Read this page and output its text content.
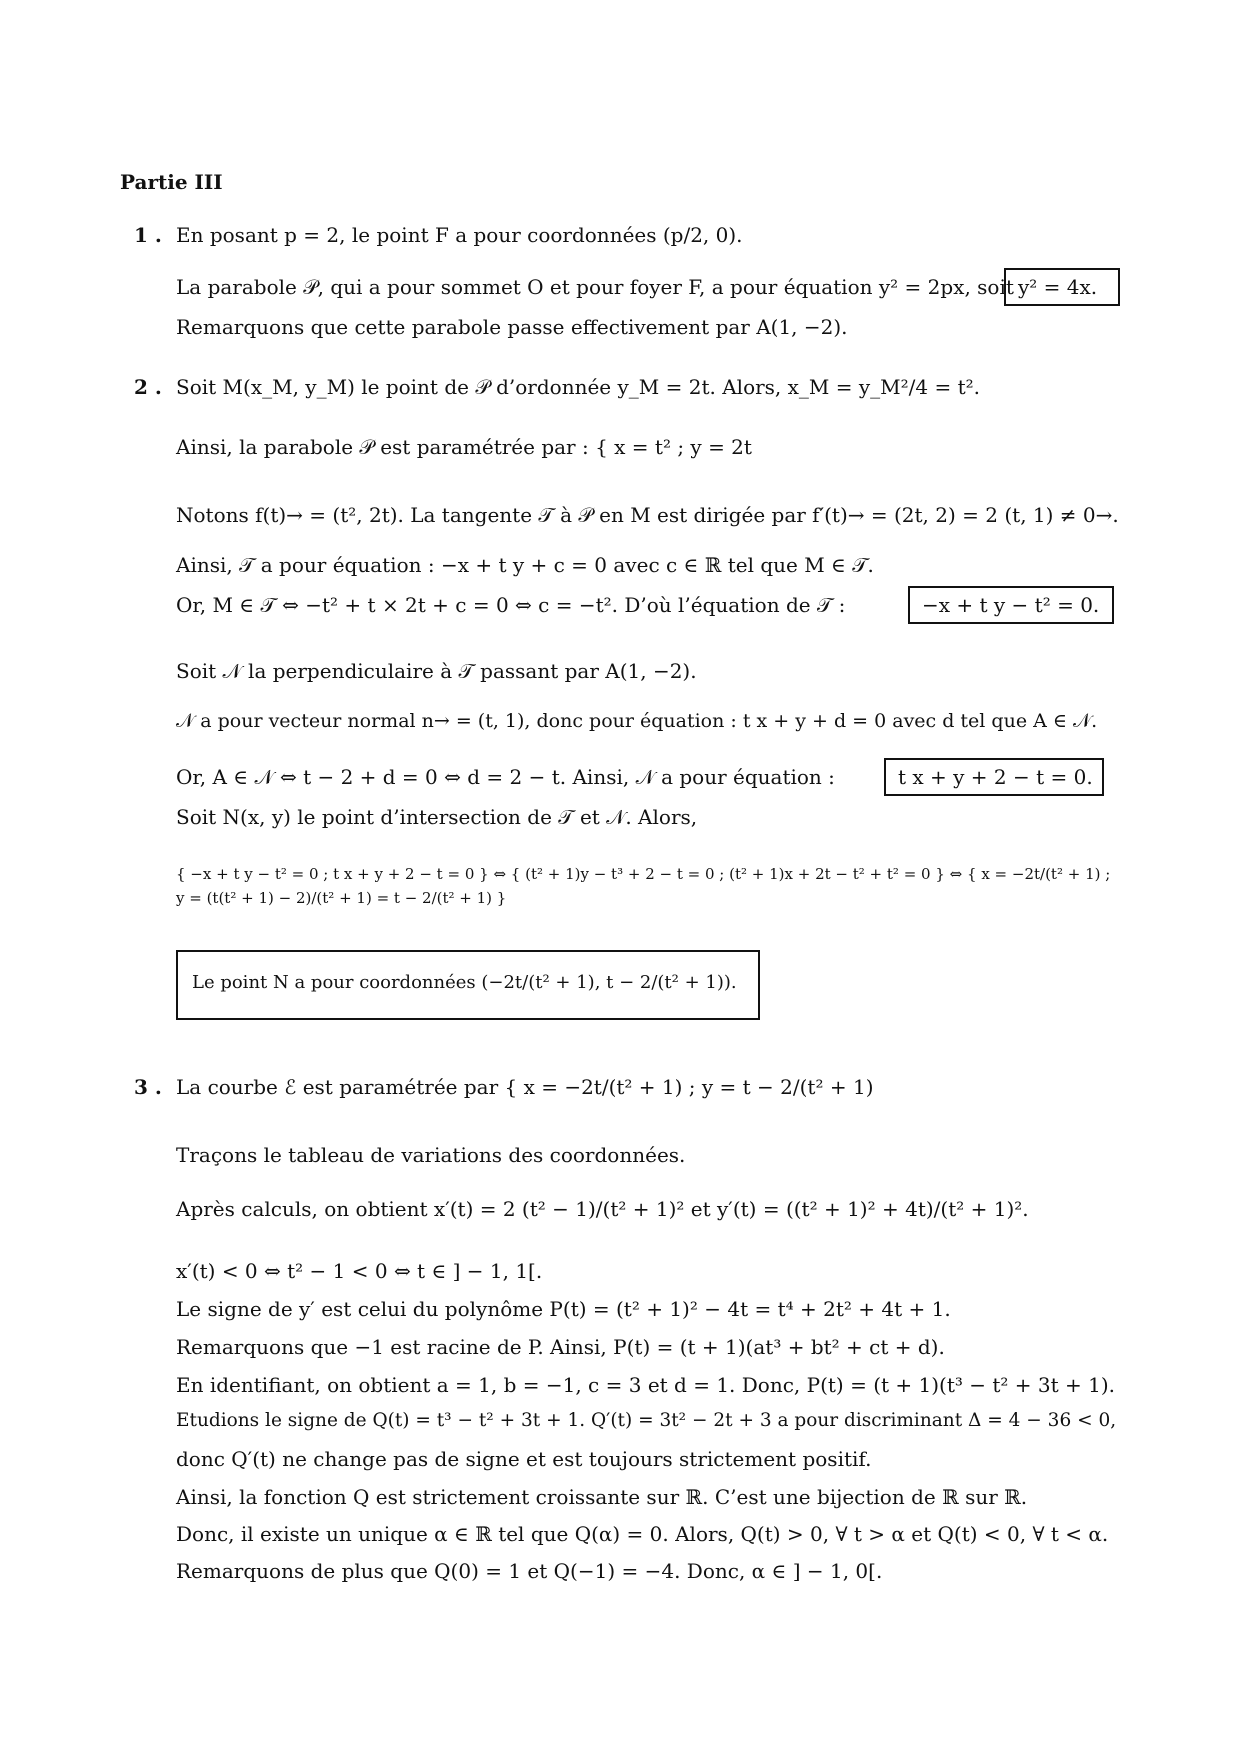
Partie III
1 . En posant p = 2, le point F a pour coordonnées (p/2, 0).
La parabole 𝒫, qui a pour sommet O et pour foyer F, a pour équation y² = 2px, soit y² = 4x.
Remarquons que cette parabole passe effectivement par A(1, −2).
2 . Soit M(x_M, y_M) le point de 𝒫 d’ordonnée y_M = 2t. Alors, x_M = y_M²/4 = t².
Ainsi, la parabole 𝒫 est paramétrée par : { x = t² ; y = 2t
Notons f(t)→ = (t², 2t). La tangente 𝒯 à 𝒫 en M est dirigée par f′(t)→ = (2t, 2) = 2 (t, 1) ≠ 0→.
Ainsi, 𝒯 a pour équation : −x + t y + c = 0 avec c ∈ ℝ tel que M ∈ 𝒯.
Or, M ∈ 𝒯 ⇔ −t² + t × 2t + c = 0 ⇔ c = −t². D’où l’équation de 𝒯 :	−x + t y − t² = 0.
Soit 𝒩 la perpendiculaire à 𝒯 passant par A(1, −2).
𝒩 a pour vecteur normal n→ = (t, 1), donc pour équation : t x + y + d = 0 avec d tel que A ∈ 𝒩.
Or, A ∈ 𝒩 ⇔ t − 2 + d = 0 ⇔ d = 2 − t. Ainsi, 𝒩 a pour équation :	t x + y + 2 − t = 0.
Soit N(x, y) le point d’intersection de 𝒯 et 𝒩. Alors,
{ −x + t y − t² = 0 ; t x + y + 2 − t = 0 } ⇔ { (t² + 1)y − t³ + 2 − t = 0 ; (t² + 1)x + 2t − t² + t² = 0 } ⇔ { x = −2t/(t² + 1) ; y = (t(t² + 1) − 2)/(t² + 1) = t − 2/(t² + 1) }
Le point N a pour coordonnées (−2t/(t² + 1), t − 2/(t² + 1)).
3 . La courbe ℰ est paramétrée par { x = −2t/(t² + 1) ; y = t − 2/(t² + 1)
Traçons le tableau de variations des coordonnées.
Après calculs, on obtient x′(t) = 2 (t² − 1)/(t² + 1)² et y′(t) = ((t² + 1)² + 4t)/(t² + 1)².
x′(t) < 0 ⇔ t² − 1 < 0 ⇔ t ∈ ] − 1, 1[.
Le signe de y′ est celui du polynôme P(t) = (t² + 1)² − 4t = t⁴ + 2t² + 4t + 1.
Remarquons que −1 est racine de P. Ainsi, P(t) = (t + 1)(at³ + bt² + ct + d).
En identifiant, on obtient a = 1, b = −1, c = 3 et d = 1. Donc, P(t) = (t + 1)(t³ − t² + 3t + 1).
Etudions le signe de Q(t) = t³ − t² + 3t + 1. Q′(t) = 3t² − 2t + 3 a pour discriminant Δ = 4 − 36 < 0,
donc Q′(t) ne change pas de signe et est toujours strictement positif.
Ainsi, la fonction Q est strictement croissante sur ℝ. C’est une bijection de ℝ sur ℝ.
Donc, il existe un unique α ∈ ℝ tel que Q(α) = 0. Alors, Q(t) > 0, ∀ t > α et Q(t) < 0, ∀ t < α.
Remarquons de plus que Q(0) = 1 et Q(−1) = −4. Donc, α ∈ ] − 1, 0[.
